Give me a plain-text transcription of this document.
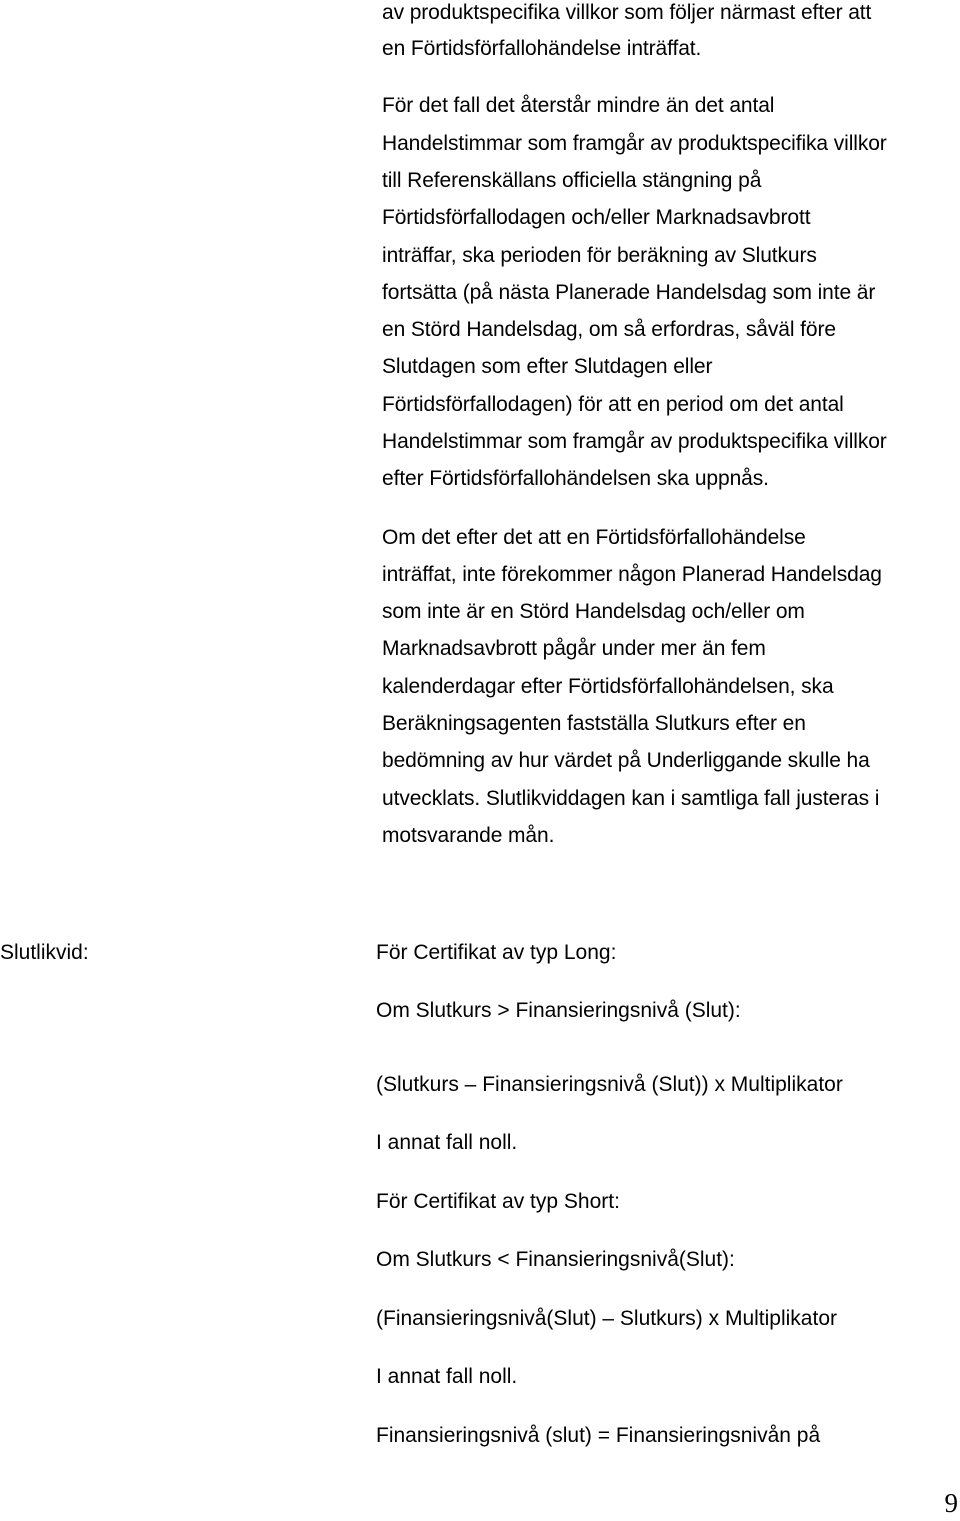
av produktspecifika villkor som följer närmast efter att
en Förtidsförfallohändelse inträffat.
För det fall det återstår mindre än det antal
Handelstimmar som framgår av produktspecifika villkor
till Referenskällans officiella stängning på
Förtidsförfallodagen och/eller Marknadsavbrott
inträffar, ska perioden för beräkning av Slutkurs
fortsätta (på nästa Planerade Handelsdag som inte är
en Störd Handelsdag, om så erfordras, såväl före
Slutdagen som efter Slutdagen eller
Förtidsförfallodagen) för att en period om det antal
Handelstimmar som framgår av produktspecifika villkor
efter Förtidsförfallohändelsen ska uppnås.
Om det efter det att en Förtidsförfallohändelse
inträffat, inte förekommer någon Planerad Handelsdag
som inte är en Störd Handelsdag och/eller om
Marknadsavbrott pågår under mer än fem
kalenderdagar efter Förtidsförfallohändelsen, ska
Beräkningsagenten fastställa Slutkurs efter en
bedömning av hur värdet på Underliggande skulle ha
utvecklats. Slutlikviddagen kan i samtliga fall justeras i
motsvarande mån.
Slutlikvid:	För Certifikat av typ Long:
Om Slutkurs > Finansieringsnivå (Slut):
(Slutkurs – Finansieringsnivå (Slut)) x Multiplikator
I annat fall noll.
För Certifikat av typ Short:
Om Slutkurs < Finansieringsnivå(Slut):
(Finansieringsnivå(Slut) – Slutkurs) x Multiplikator
I annat fall noll.
Finansieringsnivå (slut) = Finansieringsnivån på
9
